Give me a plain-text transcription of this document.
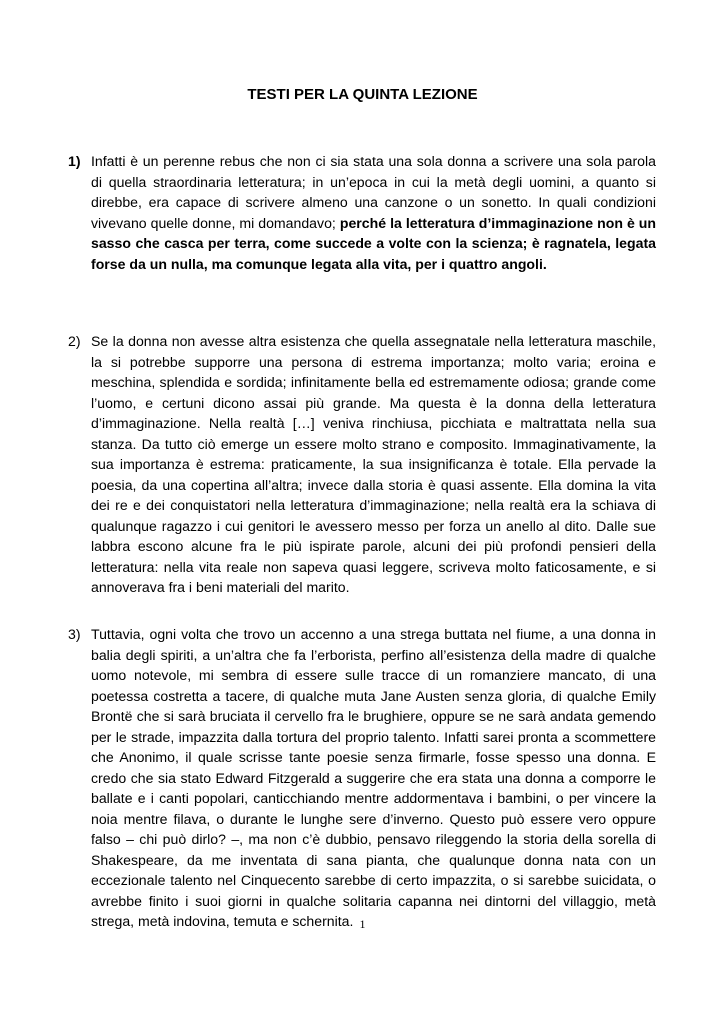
TESTI PER LA QUINTA LEZIONE
1) Infatti è un perenne rebus che non ci sia stata una sola donna a scrivere una sola parola di quella straordinaria letteratura; in un’epoca in cui la metà degli uomini, a quanto si direbbe, era capace di scrivere almeno una canzone o un sonetto. In quali condizioni vivevano quelle donne, mi domandavo; perché la letteratura d’immaginazione non è un sasso che casca per terra, come succede a volte con la scienza; è ragnatela, legata forse da un nulla, ma comunque legata alla vita, per i quattro angoli.
2) Se la donna non avesse altra esistenza che quella assegnatale nella letteratura maschile, la si potrebbe supporre una persona di estrema importanza; molto varia; eroina e meschina, splendida e sordida; infinitamente bella ed estremamente odiosa; grande come l’uomo, e certuni dicono assai più grande. Ma questa è la donna della letteratura d’immaginazione. Nella realtà […] veniva rinchiusa, picchiata e maltrattata nella sua stanza. Da tutto ciò emerge un essere molto strano e composito. Immaginativamente, la sua importanza è estrema: praticamente, la sua insignificanza è totale. Ella pervade la poesia, da una copertina all’altra; invece dalla storia è quasi assente. Ella domina la vita dei re e dei conquistatori nella letteratura d’immaginazione; nella realtà era la schiava di qualunque ragazzo i cui genitori le avessero messo per forza un anello al dito. Dalle sue labbra escono alcune fra le più ispirate parole, alcuni dei più profondi pensieri della letteratura: nella vita reale non sapeva quasi leggere, scriveva molto faticosamente, e si annoverava fra i beni materiali del marito.
3) Tuttavia, ogni volta che trovo un accenno a una strega buttata nel fiume, a una donna in balia degli spiriti, a un’altra che fa l’erborista, perfino all’esistenza della madre di qualche uomo notevole, mi sembra di essere sulle tracce di un romanziere mancato, di una poetessa costretta a tacere, di qualche muta Jane Austen senza gloria, di qualche Emily Brontë che si sarà bruciata il cervello fra le brughiere, oppure se ne sarà andata gemendo per le strade, impazzita dalla tortura del proprio talento. Infatti sarei pronta a scommettere che Anonimo, il quale scrisse tante poesie senza firmarle, fosse spesso una donna. E credo che sia stato Edward Fitzgerald a suggerire che era stata una donna a comporre le ballate e i canti popolari, canticchiando mentre addormentava i bambini, o per vincere la noia mentre filava, o durante le lunghe sere d’inverno. Questo può essere vero oppure falso – chi può dirlo? –, ma non c’è dubbio, pensavo rileggendo la storia della sorella di Shakespeare, da me inventata di sana pianta, che qualunque donna nata con un eccezionale talento nel Cinquecento sarebbe di certo impazzita, o si sarebbe suicidata, o avrebbe finito i suoi giorni in qualche solitaria capanna nei dintorni del villaggio, metà strega, metà indovina, temuta e schernita. 1
